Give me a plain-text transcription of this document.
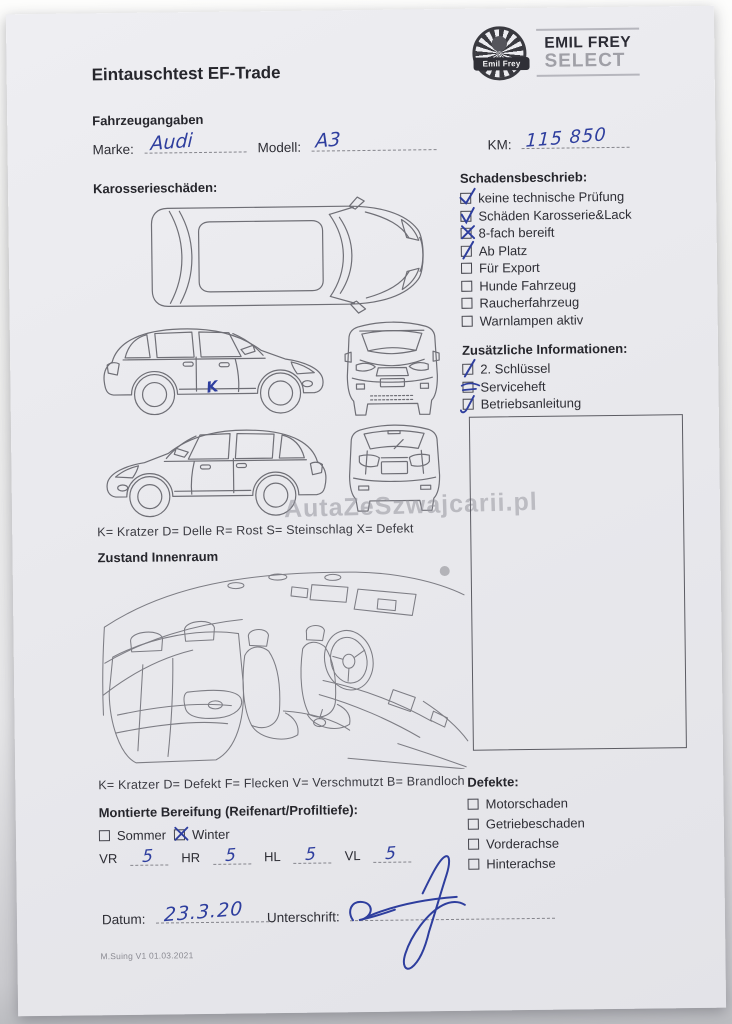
Emil Frey
EMIL FREY
SELECT
Eintauschtest EF-Trade
Fahrzeugangaben
Marke: Audi	Modell: A3	KM: 115 850
Karosserieschäden:
K
K= Kratzer D= Delle R= Rost S= Steinschlag X= Defekt
AutaZeSzwajcarii.pl
Zustand Innenraum
K= Kratzer D= Defekt F= Flecken V= Verschmutzt B= Brandloch
Montierte Bereifung (Reifenart/Profiltiefe):
Sommer Winter
VR 5 HR 5 HL 5 VL 5
Schadensbeschrieb:
keine technische Prüfung
Schäden Karosserie&Lack
8-fach bereift
Ab Platz
Für Export
Hunde Fahrzeug
Raucherfahrzeug
Warnlampen aktiv
Zusätzliche Informationen:
2. Schlüssel
Serviceheft
Betriebsanleitung
Defekte:
Motorschaden
Getriebeschaden
Vorderachse
Hinterachse
Datum: 23.3.20 Unterschrift:
M.Suing V1 01.03.2021
